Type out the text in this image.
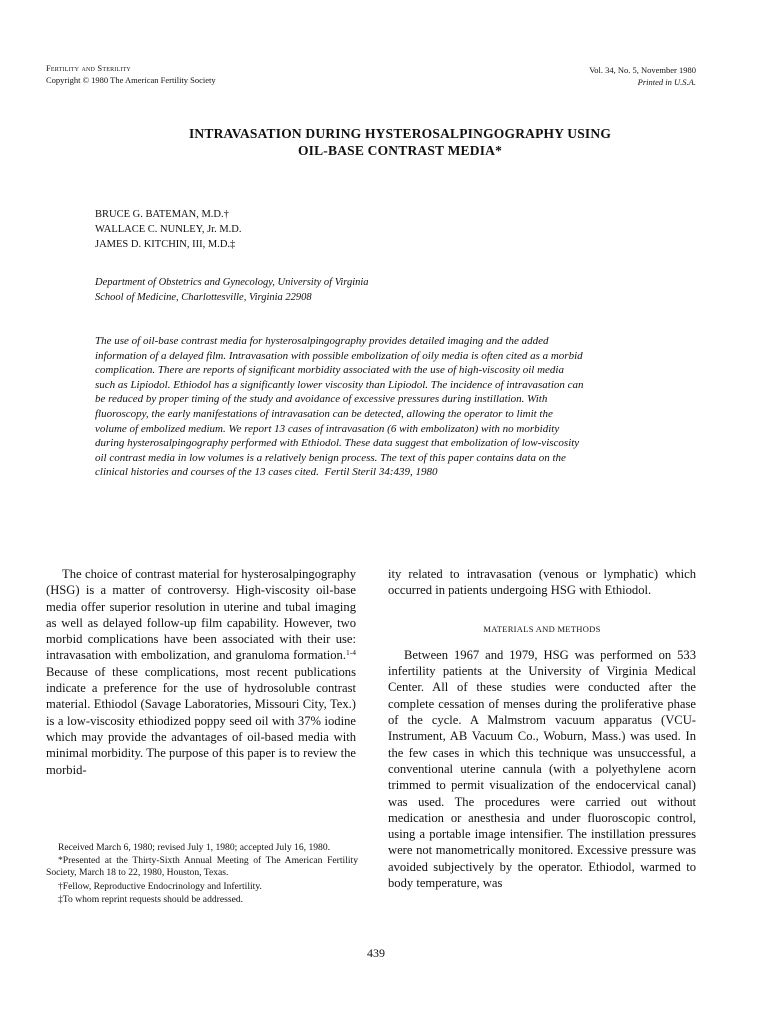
Fertility and Sterility
Copyright © 1980 The American Fertility Society
Vol. 34, No. 5, November 1980
Printed in U.S.A.
INTRAVASATION DURING HYSTEROSALPINGOGRAPHY USING
OIL-BASE CONTRAST MEDIA*
BRUCE G. BATEMAN, M.D.†
WALLACE C. NUNLEY, Jr. M.D.
JAMES D. KITCHIN, III, M.D.‡
Department of Obstetrics and Gynecology, University of Virginia
School of Medicine, Charlottesville, Virginia 22908

The use of oil-base contrast media for hysterosalpingography provides detailed imaging and the added information of a delayed film. Intravasation with possible embolization of oily media is often cited as a morbid complication. There are reports of significant morbidity associated with the use of high-viscosity oil media such as Lipiodol. Ethiodol has a significantly lower viscosity than Lipiodol. The incidence of intravasation can be reduced by proper timing of the study and avoidance of excessive pressures during instillation. With fluoroscopy, the early manifestations of intravasation can be detected, allowing the operator to limit the volume of embolized medium. We report 13 cases of intravasation (6 with embolizaton) with no morbidity during hysterosalpingography performed with Ethiodol. These data suggest that embolization of low-viscosity oil contrast media in low volumes is a relatively benign process. The text of this paper contains data on the clinical histories and courses of the 13 cases cited. Fertil Steril 34:439, 1980

The choice of contrast material for hysterosalpingography (HSG) is a matter of controversy. High-viscosity oil-base media offer superior resolution in uterine and tubal imaging as well as delayed follow-up film capability. However, two morbid complications have been associated with their use: intravasation with embolization, and granuloma formation.$^{1-4}$ Because of these complications, most recent publications indicate a preference for the use of hydrosoluble contrast material. Ethiodol (Savage Laboratories, Missouri City, Tex.) is a low-viscosity ethiodized poppy seed oil with 37% iodine which may provide the advantages of oil-based media with minimal morbidity. The purpose of this paper is to review the morbid-

ity related to intravasation (venous or lymphatic) which occurred in patients undergoing HSG with Ethiodol.

MATERIALS AND METHODS

Between 1967 and 1979, HSG was performed on 533 infertility patients at the University of Virginia Medical Center. All of these studies were conducted after the complete cessation of menses during the proliferative phase of the cycle. A Malmstrom vacuum apparatus (VCU-Instrument, AB Vacuum Co., Woburn, Mass.) was used. In the few cases in which this technique was unsuccessful, a conventional uterine cannula (with a polyethylene acorn trimmed to permit visualization of the endocervical canal) was used. The procedures were carried out without medication or anesthesia and under fluoroscopic control, using a portable image intensifier. The instillation pressures were not manometrically monitored. Excessive pressure was avoided subjectively by the operator. Ethiodol, warmed to body temperature, was

Received March 6, 1980; revised July 1, 1980; accepted July 16, 1980.

*Presented at the Thirty-Sixth Annual Meeting of The American Fertility Society, March 18 to 22, 1980, Houston, Texas.

†Fellow, Reproductive Endocrinology and Infertility.

‡To whom reprint requests should be addressed.

439
